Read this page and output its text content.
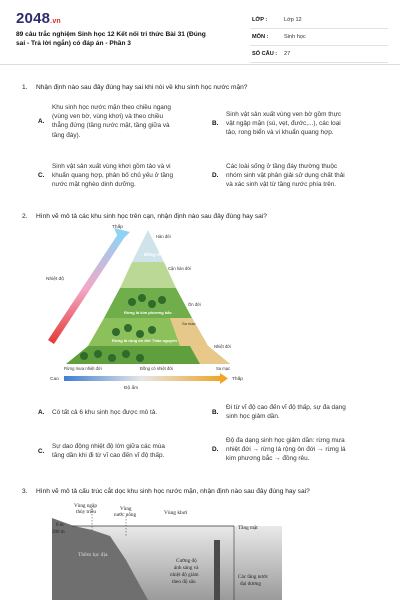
2048.vn
89 câu trắc nghiệm Sinh học 12 Kết nối tri thức Bài 31 (Đúng sai - Trả lời ngắn) có đáp án - Phần 3
LỚP :	Lớp 12
MÔN :	Sinh học
SỐ CÂU : 27
1. Nhận định nào sau đây đúng hay sai khi nói về khu sinh học nước mặn?
A.
Khu sinh học nước mặn theo chiều ngang
(vùng ven bờ, vùng khơi) và theo chiều
thẳng đứng (tầng nước mặt, tầng giữa và
tầng đáy).
B.
Sinh vật sản xuất vùng ven bờ gồm thực
vật ngập mặn (sú, vẹt, đước,...), các loại
tảo, rong biển và vi khuẩn quang hợp.
C.
Sinh vật sản xuất vùng khơi gồm tảo và vi
khuẩn quang hợp, phân bố chủ yếu ở tầng
nước mặt nghèo dinh dưỡng.
D.
Các loài sống ở tầng đáy thường thuộc
nhóm sinh vật phân giải sử dụng chất thải
và xác sinh vật từ tầng nước phía trên.
2. Hình vẽ mô tả các khu sinh học trên cạn, nhận định nào sau đây đúng hay sai?
Thấp
Nhiệt độ
Hàn đới
Đồng rêu
Cận hàn đới
Rừng lá kim phương bắc
Ôn đới
Rừng lá rộng ôn đới Thảo nguyên
Sa mạc
Nhiệt đới
Rừng mưa nhiệt đới	Đồng cỏ nhiệt đới	Sa mạc
Cao	Thấp
Độ ẩm
A. Có tất cả 6 khu sinh học được mô tả.	B.
Đi từ vĩ độ cao đến vĩ độ thấp, sự đa dạng
sinh học giảm dần.
C.
Sự dao động nhiệt độ lớn giữa các mùa
tăng dần khi đi từ vĩ cao đến vĩ độ thấp.
D.
Độ đa dạng sinh học giảm dần: rừng mưa
nhiệt đới → rừng lá rộng ôn đới → rừng lá
kim phương bắc → đồng rêu.
3. Hình vẽ mô tả cấu trúc cắt dọc khu sinh học nước mặn, nhận định nào sau đây đúng hay sai?
Vùng ngập
thủy triều	Vùng
nước nông	Vùng khơi
0 m
200 m
Tầng mặt
Thềm lục địa
Cường độ
ánh sáng và
nhiệt độ giảm
theo độ sâu
Các tầng nước
đại dương
